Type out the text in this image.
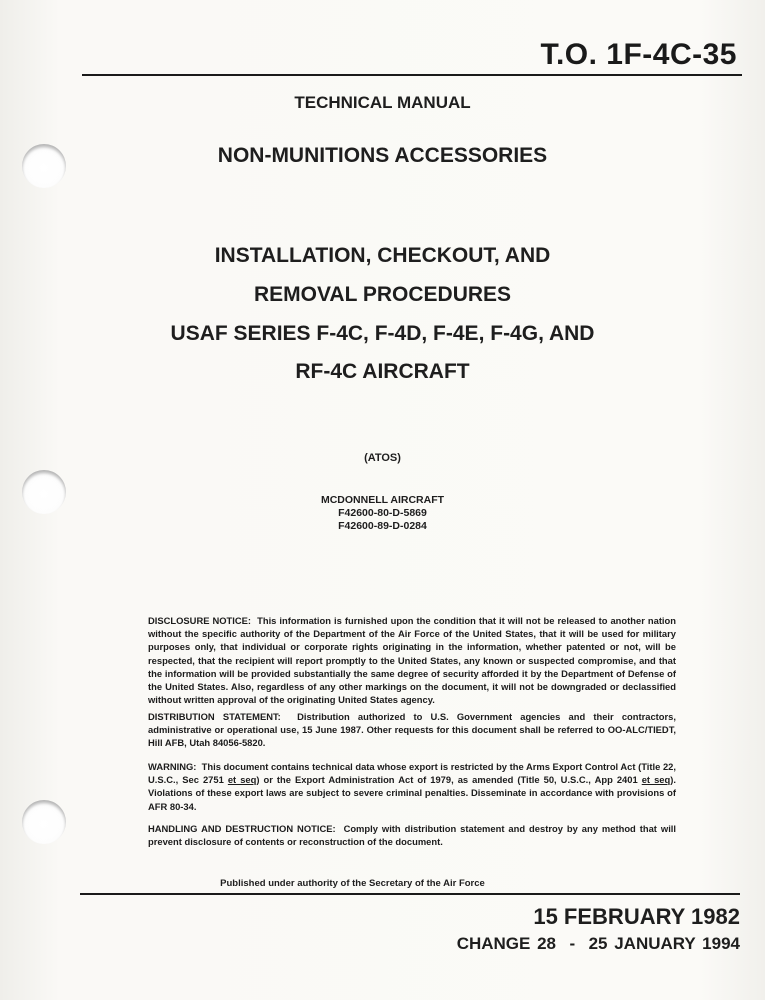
T.O. 1F-4C-35
TECHNICAL MANUAL
NON-MUNITIONS ACCESSORIES
INSTALLATION, CHECKOUT, AND
REMOVAL PROCEDURES
USAF SERIES F-4C, F-4D, F-4E, F-4G, AND
RF-4C AIRCRAFT
(ATOS)
MCDONNELL AIRCRAFT
F42600-80-D-5869
F42600-89-D-0284
DISCLOSURE NOTICE: This information is furnished upon the condition that it will not be released to another nation without the specific authority of the Department of the Air Force of the United States, that it will be used for military purposes only, that individual or corporate rights originating in the information, whether patented or not, will be respected, that the recipient will report promptly to the United States, any known or suspected compromise, and that the information will be provided substantially the same degree of security afforded it by the Department of Defense of the United States. Also, regardless of any other markings on the document, it will not be downgraded or declassified without written approval of the originating United States agency.
DISTRIBUTION STATEMENT: Distribution authorized to U.S. Government agencies and their contractors, administrative or operational use, 15 June 1987. Other requests for this document shall be referred to OO-ALC/TIEDT, Hill AFB, Utah 84056-5820.
WARNING: This document contains technical data whose export is restricted by the Arms Export Control Act (Title 22, U.S.C., Sec 2751 et seq) or the Export Administration Act of 1979, as amended (Title 50, U.S.C., App 2401 et seq). Violations of these export laws are subject to severe criminal penalties. Disseminate in accordance with provisions of AFR 80-34.
HANDLING AND DESTRUCTION NOTICE: Comply with distribution statement and destroy by any method that will prevent disclosure of contents or reconstruction of the document.
Published under authority of the Secretary of the Air Force
15 FEBRUARY 1982
CHANGE 28  -  25 JANUARY 1994
